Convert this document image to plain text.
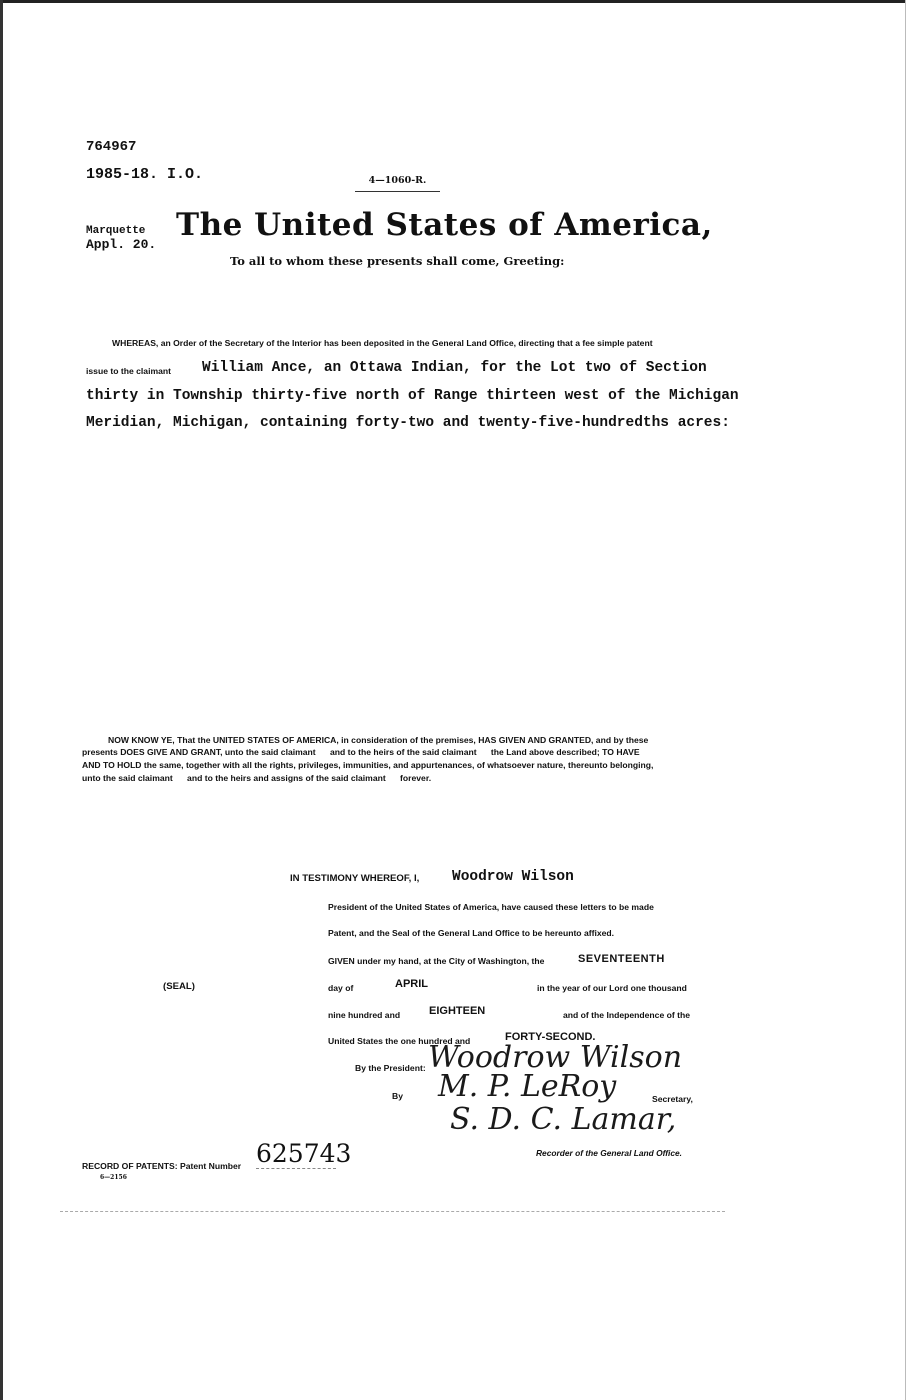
764967
1985-18. I.O.	4—1060-R.
Marquette
Appl. 20.
The United States of America,
To all to whom these presents shall come, Greeting:
WHEREAS, an Order of the Secretary of the Interior has been deposited in the General Land Office, directing that a fee simple patent
issue to the claimant William Ance, an Ottawa Indian, for the Lot two of Section
thirty in Township thirty-five north of Range thirteen west of the Michigan
Meridian, Michigan, containing forty-two and twenty-five-hundredths acres:
NOW KNOW YE, That the UNITED STATES OF AMERICA, in consideration of the premises, HAS GIVEN AND GRANTED, and by these
presents DOES GIVE AND GRANT, unto the said claimant      and to the heirs of the said claimant      the Land above described; TO HAVE
AND TO HOLD the same, together with all the rights, privileges, immunities, and appurtenances, of whatsoever nature, thereunto belonging,
unto the said claimant      and to the heirs and assigns of the said claimant      forever.
IN TESTIMONY WHEREOF, I, Woodrow Wilson
President of the United States of America, have caused these letters to be made
Patent, and the Seal of the General Land Office to be hereunto affixed.
GIVEN under my hand, at the City of Washington, the	SEVENTEENTH
(SEAL)	day of	APRIL	in the year of our Lord one thousand
nine hundred and	EIGHTEEN	and of the Independence of the
United States the one hundred and	FORTY-SECOND.
By the President: Woodrow Wilson
By M. P. LeRoy	Secretary,
S. D. C. Lamar,
Recorder of the General Land Office.
RECORD OF PATENTS: Patent Number 625743
6—2156
